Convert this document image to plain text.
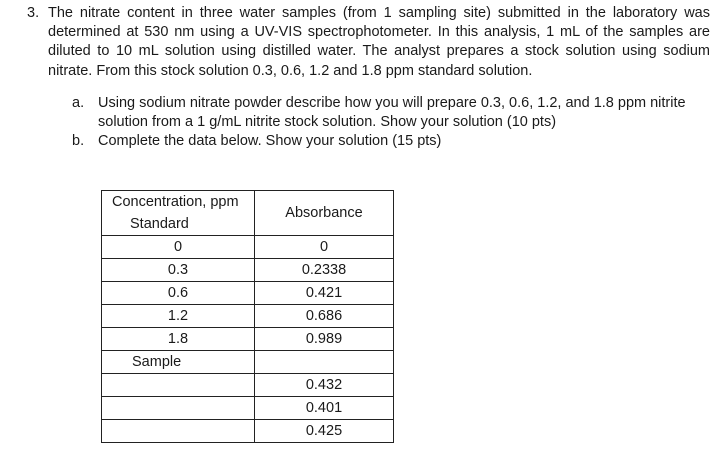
3. The nitrate content in three water samples (from 1 sampling site) submitted in the laboratory was determined at 530 nm using a UV-VIS spectrophotometer. In this analysis, 1 mL of the samples are diluted to 10 mL solution using distilled water. The analyst prepares a stock solution using sodium nitrate. From this stock solution 0.3, 0.6, 1.2 and 1.8 ppm standard solution.
a. Using sodium nitrate powder describe how you will prepare 0.3, 0.6, 1.2, and 1.8 ppm nitrite solution from a 1 g/mL nitrite stock solution. Show your solution (10 pts)
b. Complete the data below. Show your solution (15 pts)
Concentration, ppm
Standard	Absorbance
0	0
0.3	0.2338
0.6	0.421
1.2	0.686
1.8	0.989
Sample	
	0.432
	0.401
	0.425
